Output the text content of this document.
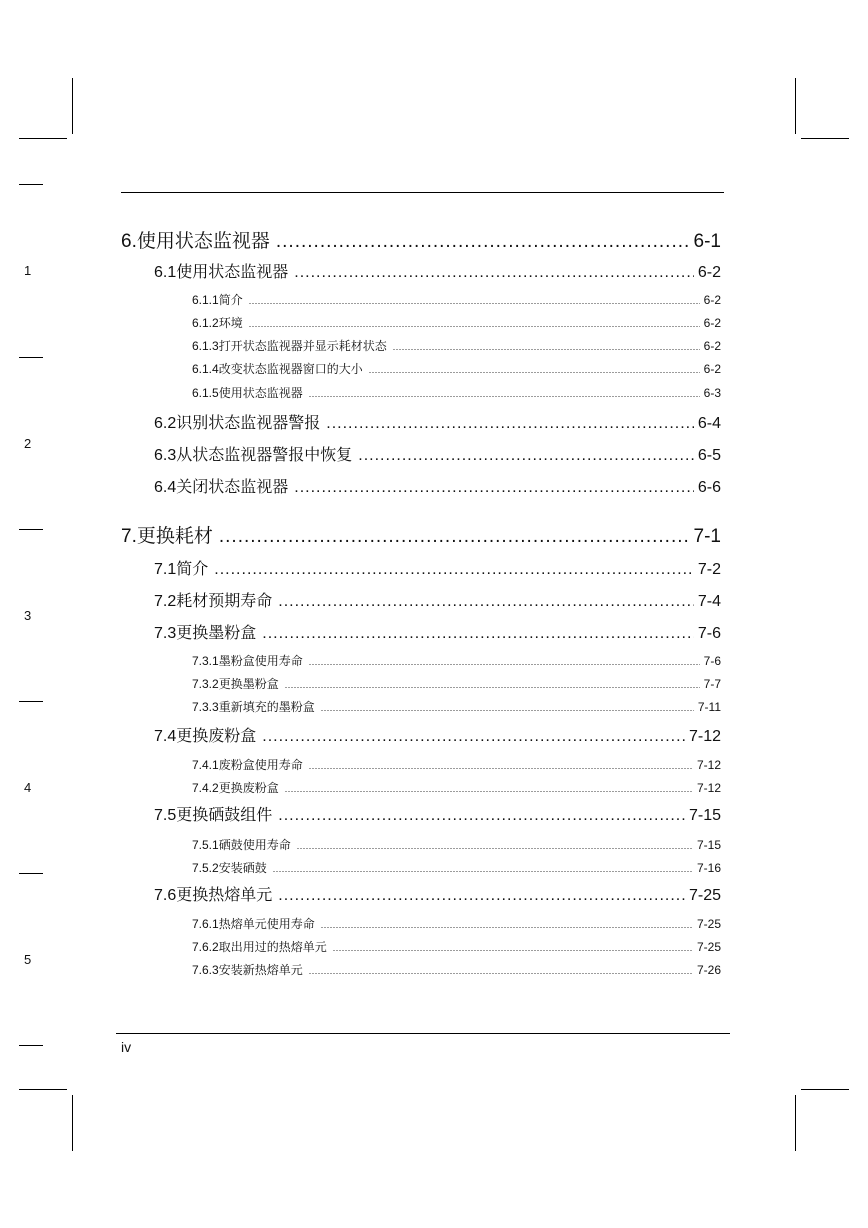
1
2
3
4
5
6. 使用状态监视器 .....	6-1
6.1 使用状态监视器 .....	6-2
6.1.1 简介 .....	6-2
6.1.2 环境 .....	6-2
6.1.3 打开状态监视器并显示耗材状态 .....	6-2
6.1.4 改变状态监视器窗口的大小 .....	6-2
6.1.5 使用状态监视器 .....	6-3
6.2 识别状态监视器警报 .....	6-4
6.3 从状态监视器警报中恢复 .....	6-5
6.4 关闭状态监视器 .....	6-6
7. 更换耗材 .....	7-1
7.1 简介 .....	7-2
7.2 耗材预期寿命 .....	7-4
7.3 更换墨粉盒 .....	7-6
7.3.1 墨粉盒使用寿命 .....	7-6
7.3.2 更换墨粉盒 .....	7-7
7.3.3 重新填充的墨粉盒 .....	7-11
7.4 更换废粉盒 .....	7-12
7.4.1 废粉盒使用寿命 .....	7-12
7.4.2 更换废粉盒 .....	7-12
7.5 更换硒鼓组件 .....	7-15
7.5.1 硒鼓使用寿命 .....	7-15
7.5.2 安装硒鼓 .....	7-16
7.6 更换热熔单元 .....	7-25
7.6.1 热熔单元使用寿命 .....	7-25
7.6.2 取出用过的热熔单元 .....	7-25
7.6.3 安装新热熔单元 .....	7-26
iv
